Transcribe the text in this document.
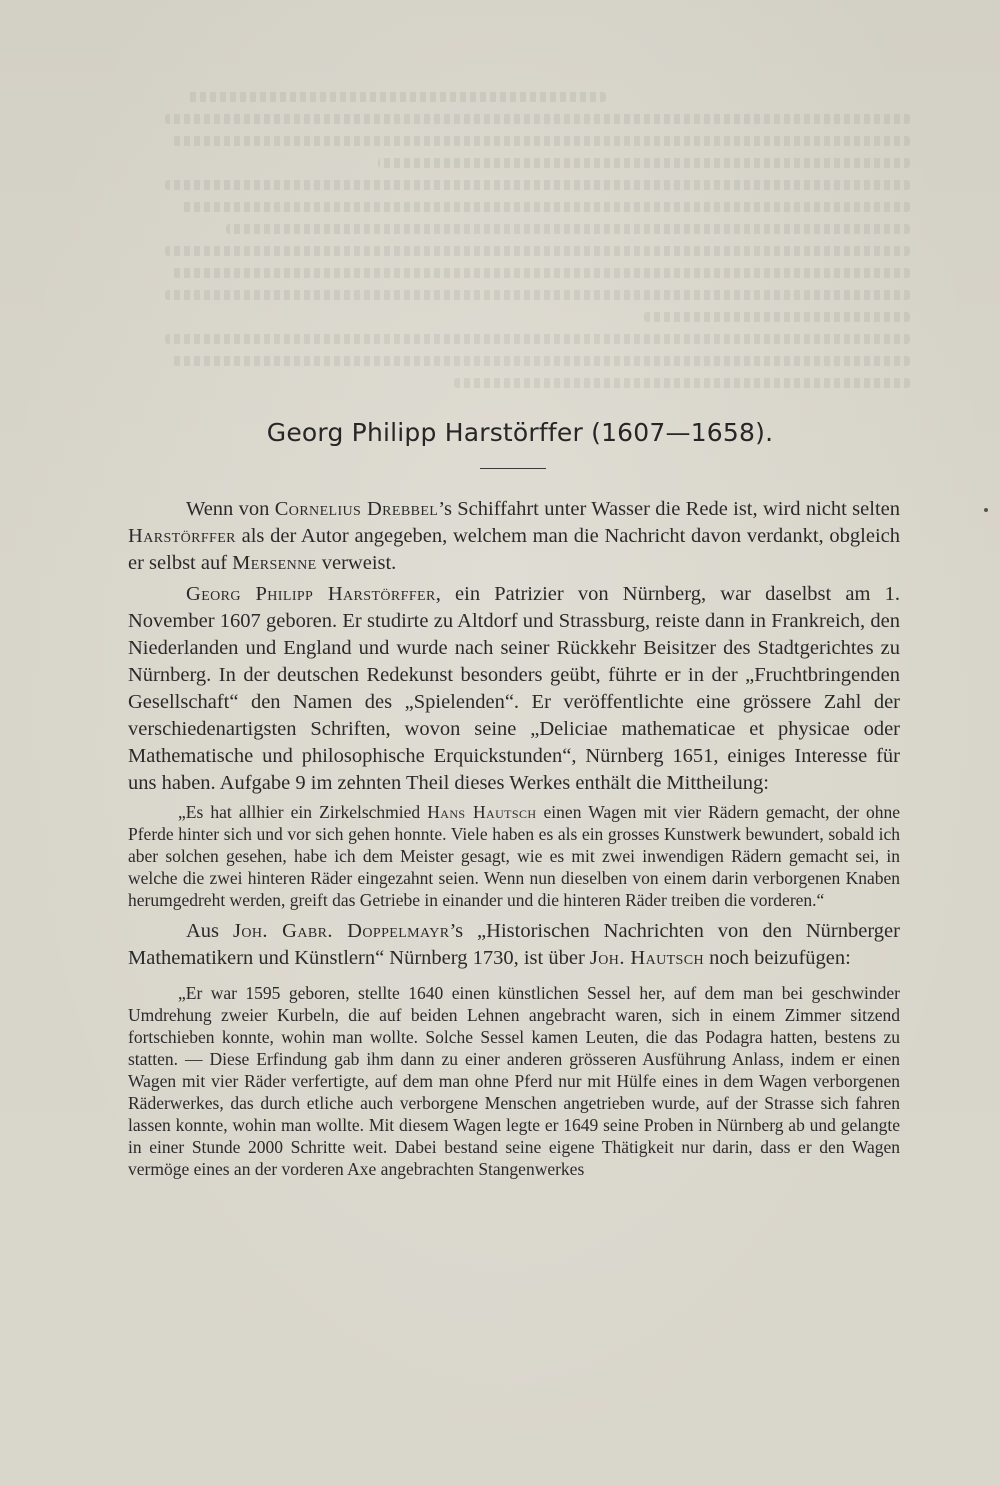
Georg Philipp Harstörffer (1607—1658).

Wenn von Cornelius Drebbel’s Schiffahrt unter Wasser die Rede ist, wird nicht selten Harstörffer als der Autor angegeben, welchem man die Nachricht davon verdankt, obgleich er selbst auf Mersenne verweist.

Georg Philipp Harstörffer, ein Patrizier von Nürnberg, war daselbst am 1. November 1607 geboren. Er studirte zu Altdorf und Strassburg, reiste dann in Frankreich, den Niederlanden und England und wurde nach seiner Rückkehr Beisitzer des Stadtgerichtes zu Nürnberg. In der deutschen Redekunst besonders geübt, führte er in der „Fruchtbringenden Gesellschaft“ den Namen des „Spielenden“. Er veröffentlichte eine grössere Zahl der verschiedenartigsten Schriften, wovon seine „Deliciae mathematicae et physicae oder Mathematische und philosophische Erquickstunden“, Nürnberg 1651, einiges Interesse für uns haben. Aufgabe 9 im zehnten Theil dieses Werkes enthält die Mittheilung:

„Es hat allhier ein Zirkelschmied Hans Hautsch einen Wagen mit vier Rädern gemacht, der ohne Pferde hinter sich und vor sich gehen honnte. Viele haben es als ein grosses Kunstwerk bewundert, sobald ich aber solchen gesehen, habe ich dem Meister gesagt, wie es mit zwei inwendigen Rädern gemacht sei, in welche die zwei hinteren Räder eingezahnt seien. Wenn nun dieselben von einem darin verborgenen Knaben herumgedreht werden, greift das Getriebe in einander und die hinteren Räder treiben die vorderen.“

Aus Joh. Gabr. Doppelmayr’s „Historischen Nachrichten von den Nürnberger Mathematikern und Künstlern“ Nürnberg 1730, ist über Joh. Hautsch noch beizufügen:

„Er war 1595 geboren, stellte 1640 einen künstlichen Sessel her, auf dem man bei geschwinder Umdrehung zweier Kurbeln, die auf beiden Lehnen angebracht waren, sich in einem Zimmer sitzend fortschieben konnte, wohin man wollte. Solche Sessel kamen Leuten, die das Podagra hatten, bestens zu statten. — Diese Erfindung gab ihm dann zu einer anderen grösseren Ausführung Anlass, indem er einen Wagen mit vier Räder verfertigte, auf dem man ohne Pferd nur mit Hülfe eines in dem Wagen verborgenen Räderwerkes, das durch etliche auch verborgene Menschen angetrieben wurde, auf der Strasse sich fahren lassen konnte, wohin man wollte. Mit diesem Wagen legte er 1649 seine Proben in Nürnberg ab und gelangte in einer Stunde 2000 Schritte weit. Dabei bestand seine eigene Thätigkeit nur darin, dass er den Wagen vermöge eines an der vorderen Axe angebrachten Stangenwerkes
